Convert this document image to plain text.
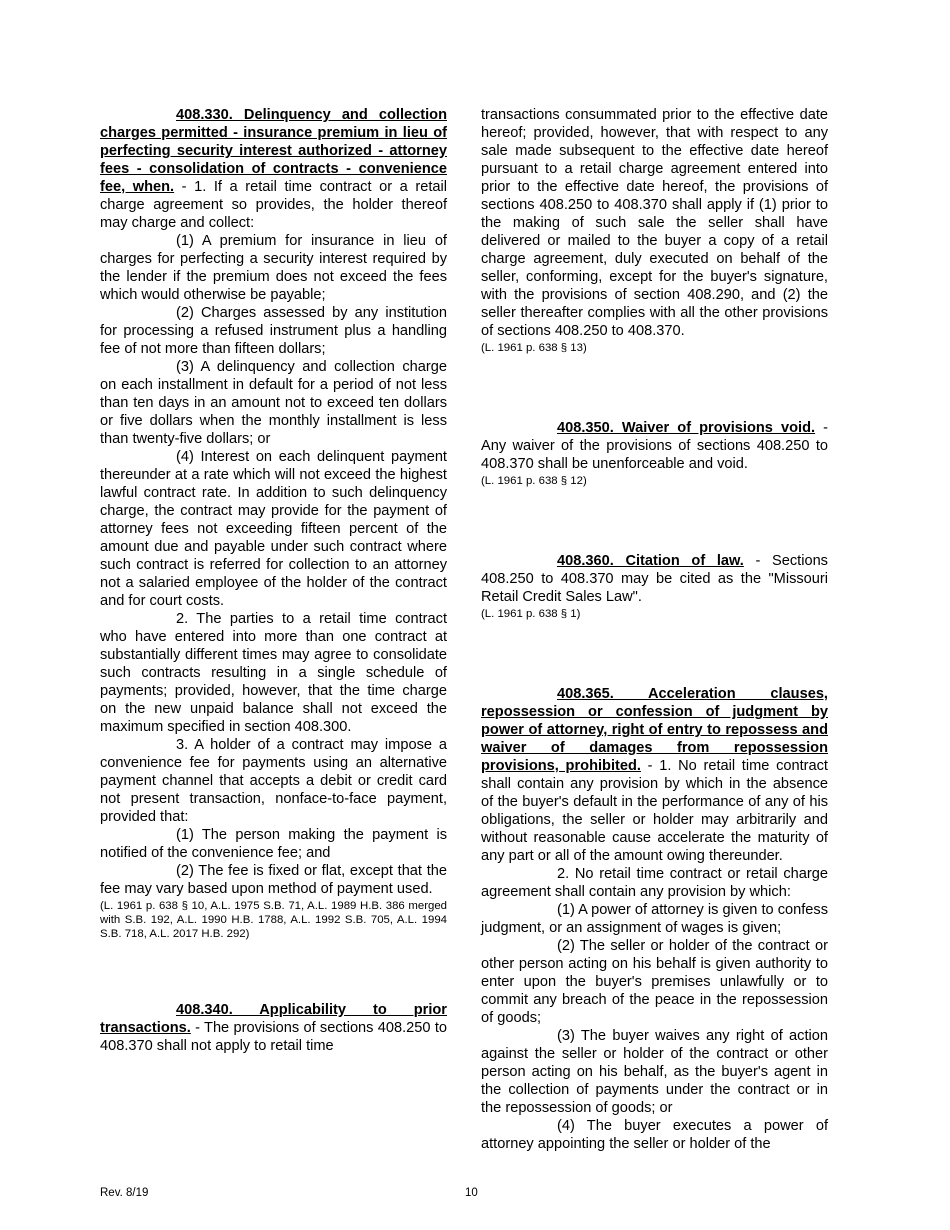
408.330. Delinquency and collection charges permitted - insurance premium in lieu of perfecting security interest authorized - attorney fees - consolidation of contracts - convenience fee, when. - 1. If a retail time contract or a retail charge agreement so provides, the holder thereof may charge and collect:

(1) A premium for insurance in lieu of charges for perfecting a security interest required by the lender if the premium does not exceed the fees which would otherwise be payable;

(2) Charges assessed by any institution for processing a refused instrument plus a handling fee of not more than fifteen dollars;

(3) A delinquency and collection charge on each installment in default for a period of not less than ten days in an amount not to exceed ten dollars or five dollars when the monthly installment is less than twenty-five dollars; or

(4) Interest on each delinquent payment thereunder at a rate which will not exceed the highest lawful contract rate. In addition to such delinquency charge, the contract may provide for the payment of attorney fees not exceeding fifteen percent of the amount due and payable under such contract where such contract is referred for collection to an attorney not a salaried employee of the holder of the contract and for court costs.

2. The parties to a retail time contract who have entered into more than one contract at substantially different times may agree to consolidate such contracts resulting in a single schedule of payments; provided, however, that the time charge on the new unpaid balance shall not exceed the maximum specified in section 408.300.

3. A holder of a contract may impose a convenience fee for payments using an alternative payment channel that accepts a debit or credit card not present transaction, nonface-to-face payment, provided that:

(1) The person making the payment is notified of the convenience fee; and

(2) The fee is fixed or flat, except that the fee may vary based upon method of payment used.

(L. 1961 p. 638 § 10, A.L. 1975 S.B. 71, A.L. 1989 H.B. 386 merged with S.B. 192, A.L. 1990 H.B. 1788, A.L. 1992 S.B. 705, A.L. 1994 S.B. 718, A.L. 2017 H.B. 292)

408.340. Applicability to prior transactions. - The provisions of sections 408.250 to 408.370 shall not apply to retail time

transactions consummated prior to the effective date hereof; provided, however, that with respect to any sale made subsequent to the effective date hereof pursuant to a retail charge agreement entered into prior to the effective date hereof, the provisions of sections 408.250 to 408.370 shall apply if (1) prior to the making of such sale the seller shall have delivered or mailed to the buyer a copy of a retail charge agreement, duly executed on behalf of the seller, conforming, except for the buyer's signature, with the provisions of section 408.290, and (2) the seller thereafter complies with all the other provisions of sections 408.250 to 408.370.

(L. 1961 p. 638 § 13)

408.350. Waiver of provisions void. - Any waiver of the provisions of sections 408.250 to 408.370 shall be unenforceable and void.

(L. 1961 p. 638 § 12)

408.360. Citation of law. - Sections 408.250 to 408.370 may be cited as the "Missouri Retail Credit Sales Law".

(L. 1961 p. 638 § 1)

408.365. Acceleration clauses, repossession or confession of judgment by power of attorney, right of entry to repossess and waiver of damages from repossession provisions, prohibited. - 1. No retail time contract shall contain any provision by which in the absence of the buyer's default in the performance of any of his obligations, the seller or holder may arbitrarily and without reasonable cause accelerate the maturity of any part or all of the amount owing thereunder.

2. No retail time contract or retail charge agreement shall contain any provision by which:

(1) A power of attorney is given to confess judgment, or an assignment of wages is given;

(2) The seller or holder of the contract or other person acting on his behalf is given authority to enter upon the buyer's premises unlawfully or to commit any breach of the peace in the repossession of goods;

(3) The buyer waives any right of action against the seller or holder of the contract or other person acting on his behalf, as the buyer's agent in the collection of payments under the contract or in the repossession of goods; or

(4) The buyer executes a power of attorney appointing the seller or holder of the

Rev. 8/19	10
